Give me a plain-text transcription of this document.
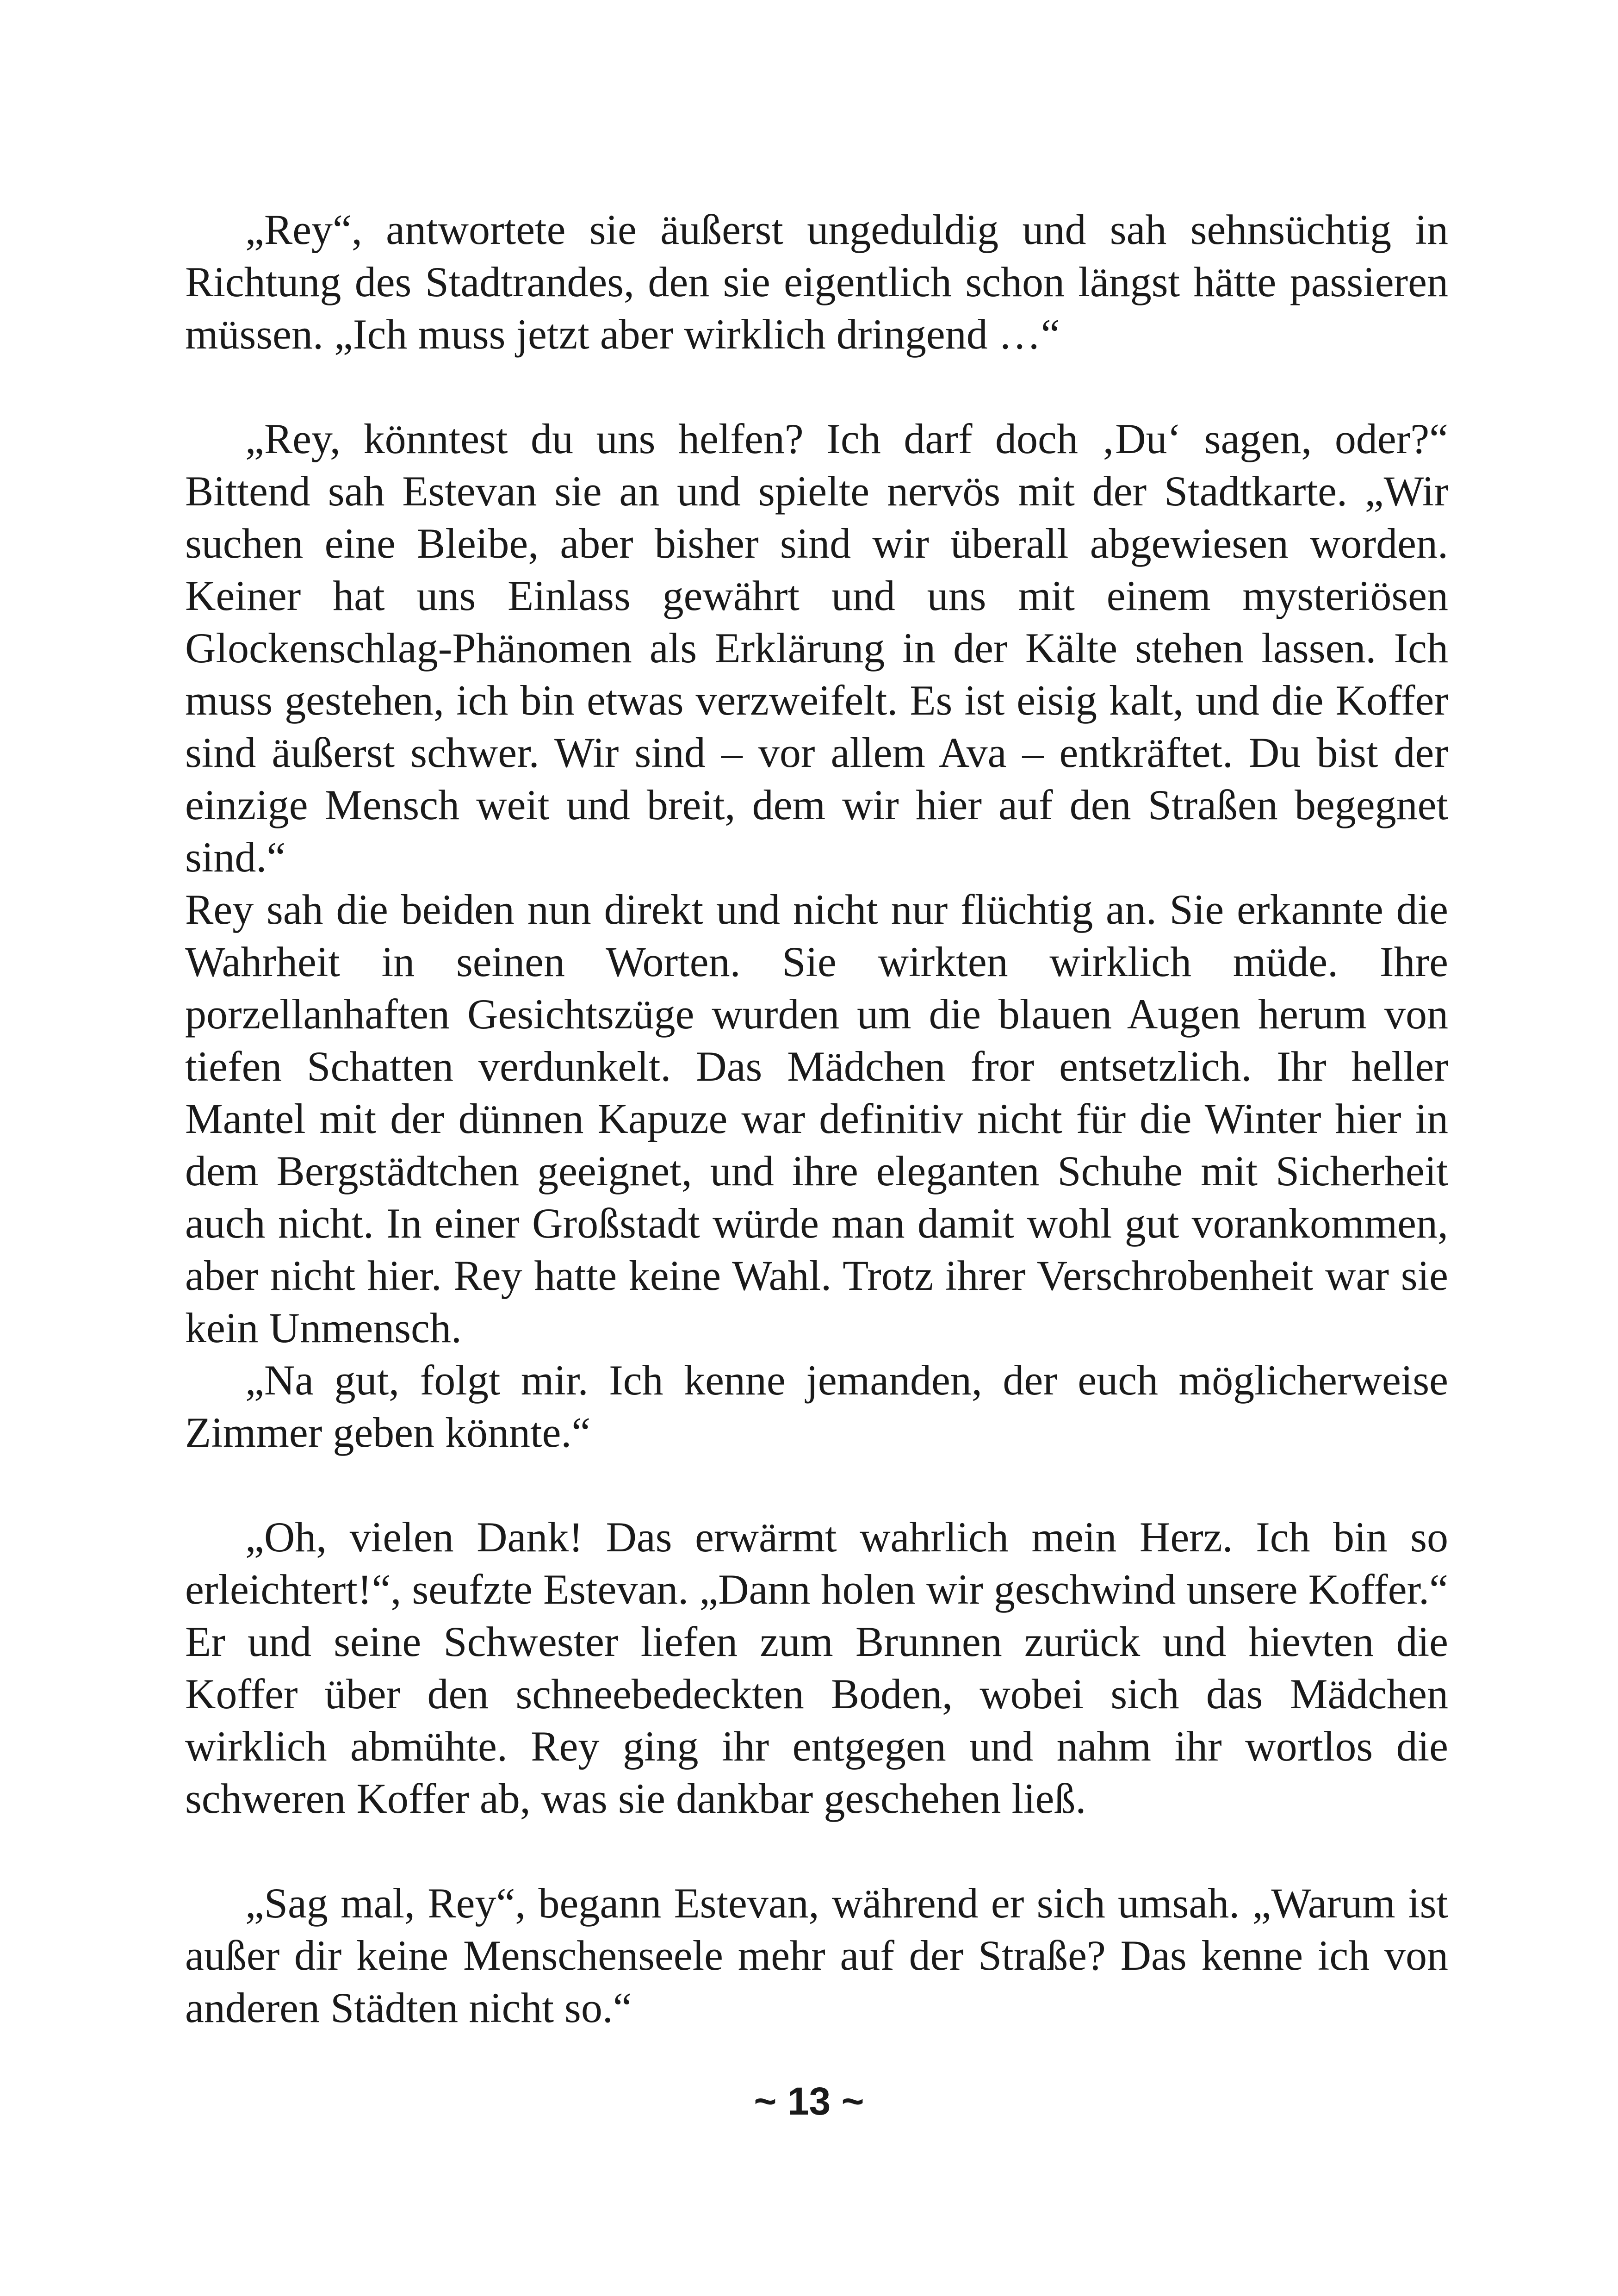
„Rey“, antwortete sie äußerst ungeduldig und sah sehnsüchtig in Richtung des Stadtrandes, den sie eigentlich schon längst hätte passieren müssen. „Ich muss jetzt aber wirklich dringend …“

„Rey, könntest du uns helfen? Ich darf doch ‚Du‘ sagen, oder?“ Bittend sah Estevan sie an und spielte nervös mit der Stadtkarte. „Wir suchen eine Bleibe, aber bisher sind wir überall abgewiesen worden. Keiner hat uns Einlass gewährt und uns mit einem mysteriösen Glockenschlag-Phänomen als Erklärung in der Kälte stehen lassen. Ich muss gestehen, ich bin etwas verzweifelt. Es ist eisig kalt, und die Koffer sind äußerst schwer. Wir sind – vor allem Ava – entkräftet. Du bist der einzige Mensch weit und breit, dem wir hier auf den Straßen begegnet sind.“

Rey sah die beiden nun direkt und nicht nur flüchtig an. Sie erkannte die Wahrheit in seinen Worten. Sie wirkten wirklich müde. Ihre porzellanhaften Gesichtszüge wurden um die blauen Augen herum von tiefen Schatten verdunkelt. Das Mädchen fror entsetzlich. Ihr heller Mantel mit der dünnen Kapuze war definitiv nicht für die Winter hier in dem Bergstädtchen geeignet, und ihre eleganten Schuhe mit Sicherheit auch nicht. In einer Großstadt würde man damit wohl gut vorankommen, aber nicht hier. Rey hatte keine Wahl. Trotz ihrer Verschrobenheit war sie kein Unmensch.

„Na gut, folgt mir. Ich kenne jemanden, der euch möglicherweise Zimmer geben könnte.“

„Oh, vielen Dank! Das erwärmt wahrlich mein Herz. Ich bin so erleichtert!“, seufzte Estevan. „Dann holen wir geschwind unsere Koffer.“ Er und seine Schwester liefen zum Brunnen zurück und hievten die Koffer über den schneebedeckten Boden, wobei sich das Mädchen wirklich abmühte. Rey ging ihr entgegen und nahm ihr wortlos die schweren Koffer ab, was sie dankbar geschehen ließ.

„Sag mal, Rey“, begann Estevan, während er sich umsah. „Warum ist außer dir keine Menschenseele mehr auf der Straße? Das kenne ich von anderen Städten nicht so.“

~ 13 ~
